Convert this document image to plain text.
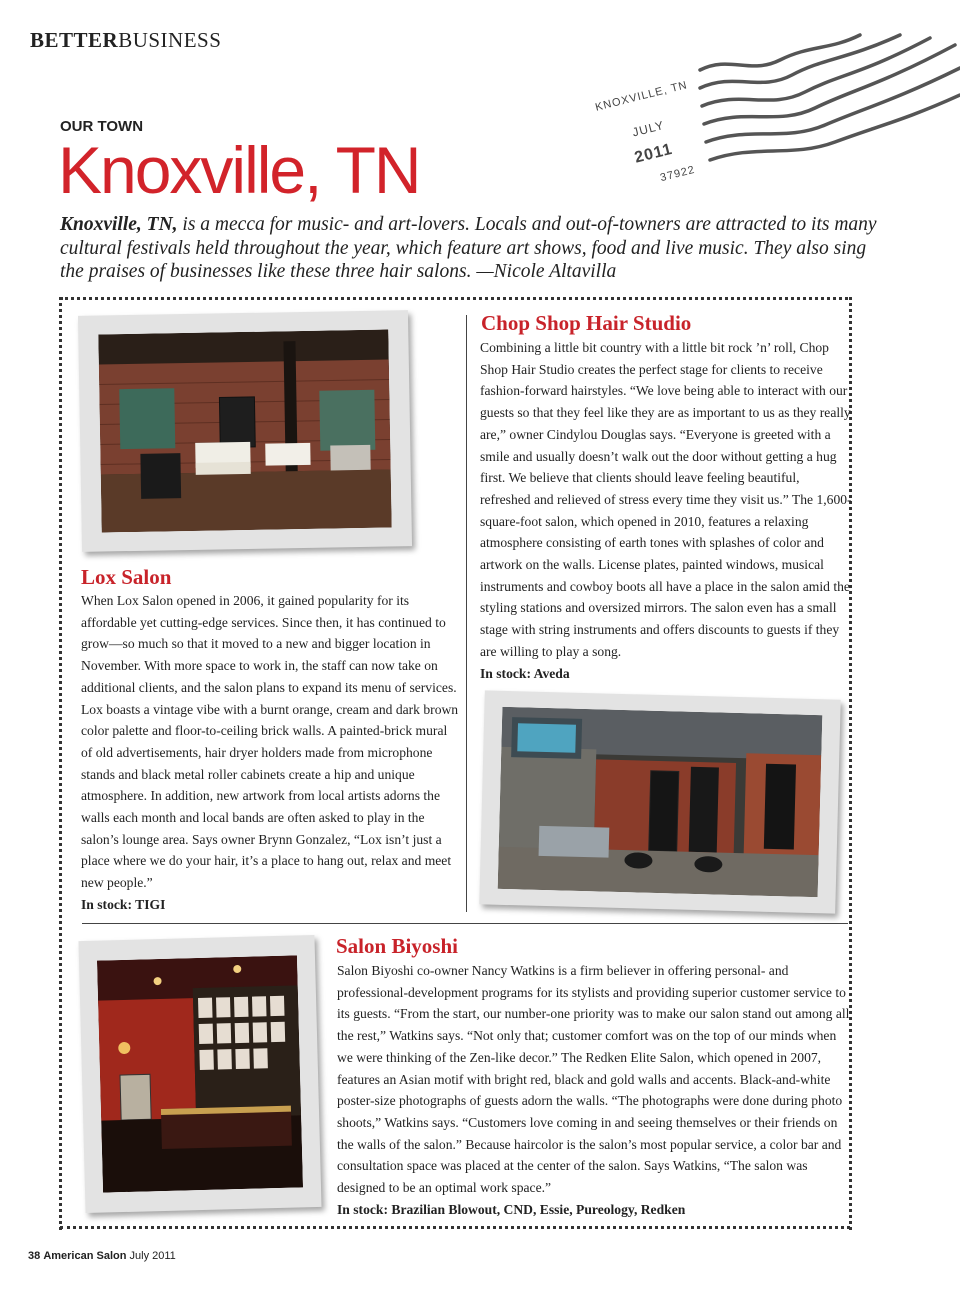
BETTERBUSINESS
KNOXVILLE, TN
JULY
2011
37922
OUR TOWN
Knoxville, TN
Knoxville, TN, is a mecca for music- and art-lovers. Locals and out-of-towners are attracted to its many cultural festivals held throughout the year, which feature art shows, food and live music. They also sing the praises of businesses like these three hair salons. —Nicole Altavilla
Lox Salon

When Lox Salon opened in 2006, it gained popularity for its affordable yet cutting-edge services. Since then, it has continued to grow—so much so that it moved to a new and bigger location in November. With more space to work in, the staff can now take on additional clients, and the salon plans to expand its menu of services. Lox boasts a vintage vibe with a burnt orange, cream and dark brown color palette and floor-to-ceiling brick walls. A painted-brick mural of old advertisements, hair dryer holders made from microphone stands and black metal roller cabinets create a hip and unique atmosphere. In addition, new artwork from local artists adorns the walls each month and local bands are often asked to play in the salon’s lounge area. Says owner Brynn Gonzalez, “Lox isn’t just a place where we do your hair, it’s a place to hang out, relax and meet new people.”
In stock: TIGI

Chop Shop Hair Studio

Combining a little bit country with a little bit rock ’n’ roll, Chop Shop Hair Studio creates the perfect stage for clients to receive fashion-forward hairstyles. “We love being able to interact with our guests so that they feel like they are as important to us as they really are,” owner Cindylou Douglas says. “Everyone is greeted with a smile and usually doesn’t walk out the door without getting a hug first. We believe that clients should leave feeling beautiful, refreshed and relieved of stress every time they visit us.” The 1,600-square-foot salon, which opened in 2010, features a relaxing atmosphere consisting of earth tones with splashes of color and artwork on the walls. License plates, painted windows, musical instruments and cowboy boots all have a place in the salon amid the styling stations and oversized mirrors. The salon even has a small stage with string instruments and offers discounts to guests if they are willing to play a song.
In stock: Aveda

Salon Biyoshi

Salon Biyoshi co-owner Nancy Watkins is a firm believer in offering personal- and professional-development programs for its stylists and providing superior customer service to its guests. “From the start, our number-one priority was to make our salon stand out among all the rest,” Watkins says. “Not only that; customer comfort was on the top of our minds when we were thinking of the Zen-like decor.” The Redken Elite Salon, which opened in 2007, features an Asian motif with bright red, black and gold walls and accents. Black-and-white poster-size photographs of guests adorn the walls. “The photographs were done during photo shoots,” Watkins says. “Customers love coming in and seeing themselves or their friends on the walls of the salon.” Because haircolor is the salon’s most popular service, a color bar and consultation space was placed at the center of the salon. Says Watkins, “The salon was designed to be an optimal work space.”
In stock: Brazilian Blowout, CND, Essie, Pureology, Redken

38 American Salon July 2011
